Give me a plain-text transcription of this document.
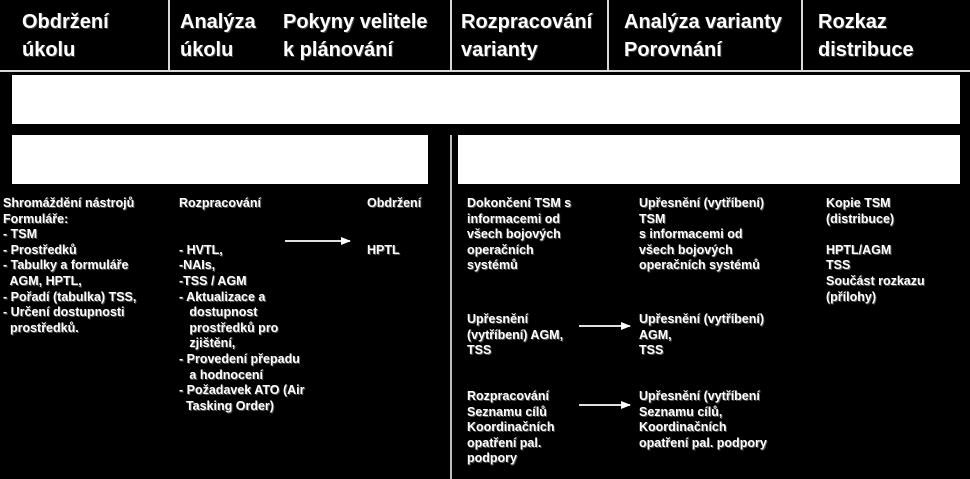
Obdržení
úkolu
Analýza
úkolu
Pokyny velitele
k plánování
Rozpracování
varianty
Analýza varianty
Porovnání
Rozkaz
distribuce
Shromáždění nástrojů
Formuláře:
- TSM
- Prostředků
- Tabulky a formuláře
AGM, HPTL,
- Pořadí (tabulka) TSS,
- Určení dostupnosti
prostředků.
Rozpracování

- HVTL,
-NAIs,
-TSS / AGM
- Aktualizace a
dostupnost
prostředků pro
zjištění,
- Provedení přepadu
a hodnocení
- Požadavek ATO (Air
Tasking Order)
Obdržení

HPTL
Dokončení TSM s
informacemi od
všech bojových
operačních
systémů
Upřesnění
(vytříbení) AGM,
TSS
Rozpracování
Seznamu cílů
Koordinačních
opatření pal.
podpory
Upřesnění (vytříbení)
TSM
s informacemi od
všech bojových
operačních systémů
Upřesnění (vytříbení)
AGM,
TSS
Upřesnění (vytříbení
Seznamu cílů,
Koordinačních
opatření pal. podpory
Kopie TSM
(distribuce)

HPTL/AGM
TSS
Součást rozkazu
(přílohy)
